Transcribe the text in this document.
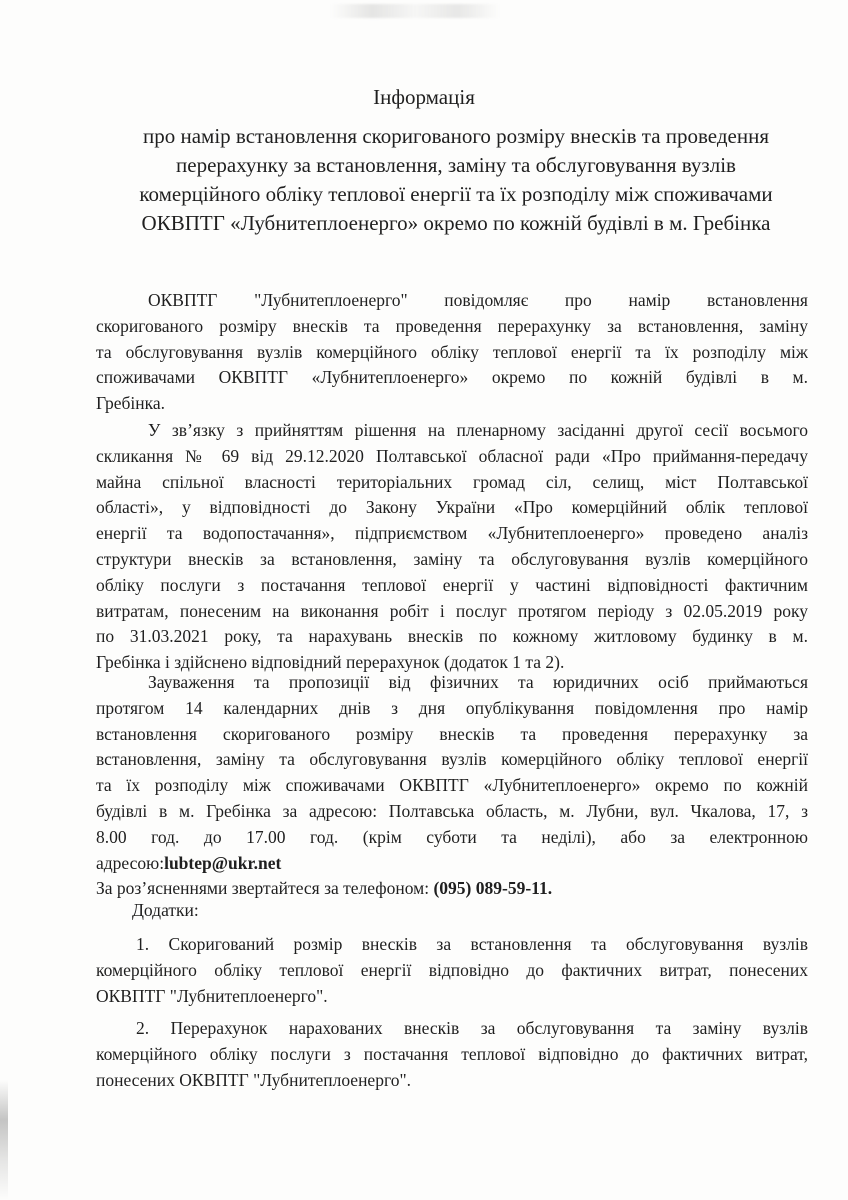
Інформація
про намір встановлення скоригованого розміру внесків та проведення
перерахунку за встановлення, заміну та обслуговування вузлів
комерційного обліку теплової енергії та їх розподілу між споживачами
ОКВПТГ «Лубнитеплоенерго» окремо по кожній будівлі в м. Гребінка
ОКВПТГ "Лубнитеплоенерго" повідомляє про намір встановлення
скоригованого розміру внесків та проведення перерахунку за встановлення, заміну
та обслуговування вузлів комерційного обліку теплової енергії та їх розподілу між
споживачами ОКВПТГ «Лубнитеплоенерго» окремо по кожній будівлі в м.
Гребінка.
У зв’язку з прийняттям рішення на пленарному засіданні другої сесії восьмого
скликання № 69 від 29.12.2020 Полтавської обласної ради «Про приймання-передачу
майна спільної власності територіальних громад сіл, селищ, міст Полтавської
області», у відповідності до Закону України «Про комерційний облік теплової
енергії та водопостачання», підприємством «Лубнитеплоенерго» проведено аналіз
структури внесків за встановлення, заміну та обслуговування вузлів комерційного
обліку послуги з постачання теплової енергії у частині відповідності фактичним
витратам, понесеним на виконання робіт і послуг протягом періоду з 02.05.2019 року
по 31.03.2021 року, та нарахувань внесків по кожному житловому будинку в м.
Гребінка і здійснено відповідний перерахунок (додаток 1 та 2).
Зауваження та пропозиції від фізичних та юридичних осіб приймаються
протягом 14 календарних днів з дня опублікування повідомлення про намір
встановлення скоригованого розміру внесків та проведення перерахунку за
встановлення, заміну та обслуговування вузлів комерційного обліку теплової енергії
та їх розподілу між споживачами ОКВПТГ «Лубнитеплоенерго» окремо по кожній
будівлі в м. Гребінка за адресою: Полтавська область, м. Лубни, вул. Чкалова, 17, з
8.00 год. до 17.00 год. (крім суботи та неділі), або за електронною
адресою:lubtep@ukr.net
За роз’ясненнями звертайтеся за телефоном: (095) 089-59-11.
Додатки:
1. Скоригований розмір внесків за встановлення та обслуговування вузлів
комерційного обліку теплової енергії відповідно до фактичних витрат, понесених
ОКВПТГ "Лубнитеплоенерго".
2. Перерахунок нарахованих внесків за обслуговування та заміну вузлів
комерційного обліку послуги з постачання теплової відповідно до фактичних витрат,
понесених ОКВПТГ "Лубнитеплоенерго".
